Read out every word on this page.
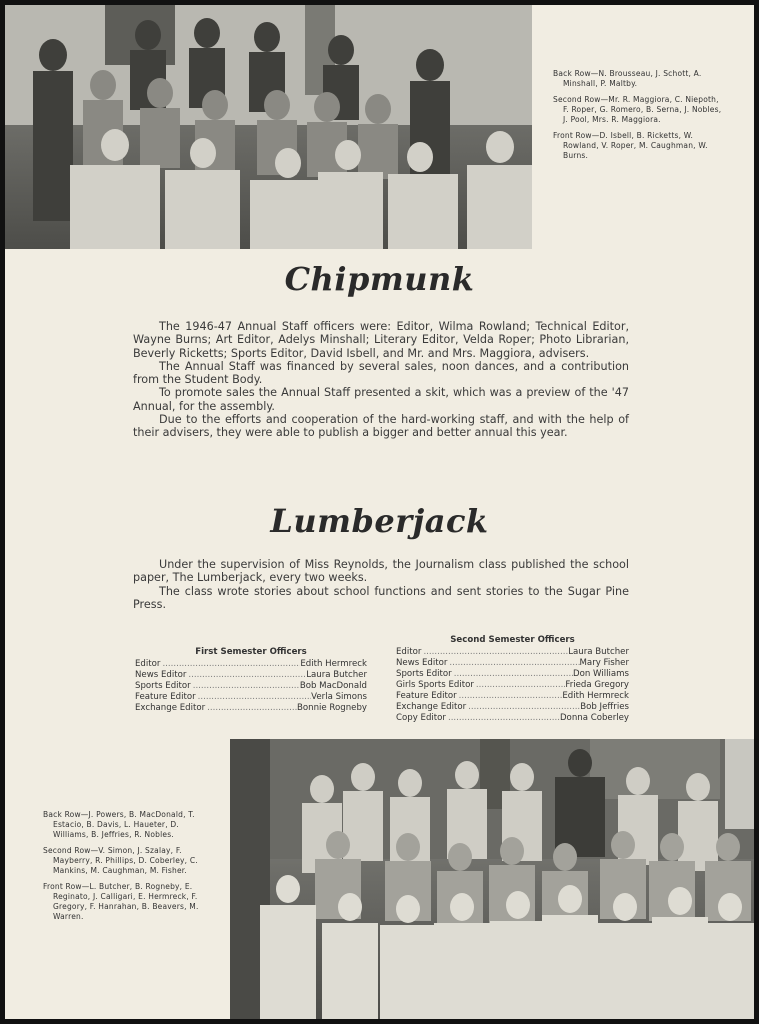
Back Row—N. Brousseau, J. Schott, A. Minshall, P. Maltby.

Second Row—Mr. R. Maggiora, C. Niepoth, F. Roper, G. Romero, B. Serna, J. Nobles, J. Pool, Mrs. R. Maggiora.

Front Row—D. Isbell, B. Ricketts, W. Rowland, V. Roper, M. Caughman, W. Burns.

Chipmunk

The 1946-47 Annual Staff officers were: Editor, Wilma Rowland; Technical Editor, Wayne Burns; Art Editor, Adelys Minshall; Literary Editor, Velda Roper; Photo Librarian, Beverly Ricketts; Sports Editor, David Isbell, and Mr. and Mrs. Maggiora, advisers.

The Annual Staff was financed by several sales, noon dances, and a contribution from the Student Body.

To promote sales the Annual Staff presented a skit, which was a preview of the '47 Annual, for the assembly.

Due to the efforts and cooperation of the hard-working staff, and with the help of their advisers, they were able to publish a bigger and better annual this year.

Lumberjack

Under the supervision of Miss Reynolds, the Journalism class published the school paper, The Lumberjack, every two weeks.

The class wrote stories about school functions and sent stories to the Sugar Pine Press.

First Semester Officers
Editor .....	Edith Hermreck
News Editor .....	Laura Butcher
Sports Editor .....	Bob MacDonald
Feature Editor .....	Verla Simons
Exchange Editor .....	Bonnie Rogneby
Second Semester Officers
Editor .....	Laura Butcher
News Editor .....	Mary Fisher
Sports Editor .....	Don Williams
Girls Sports Editor .....	Frieda Gregory
Feature Editor .....	Edith Hermreck
Exchange Editor .....	Bob Jeffries
Copy Editor .....	Donna Coberley

Back Row—J. Powers, B. MacDonald, T. Estacio, B. Davis, L. Haueter, D. Williams, B. Jeffries, R. Nobles.

Second Row—V. Simon, J. Szalay, F. Mayberry, R. Phillips, D. Coberley, C. Mankins, M. Caughman, M. Fisher.

Front Row—L. Butcher, B. Rogneby, E. Reginato, J. Calligari, E. Hermreck, F. Gregory, F. Hanrahan, B. Beavers, M. Warren.
